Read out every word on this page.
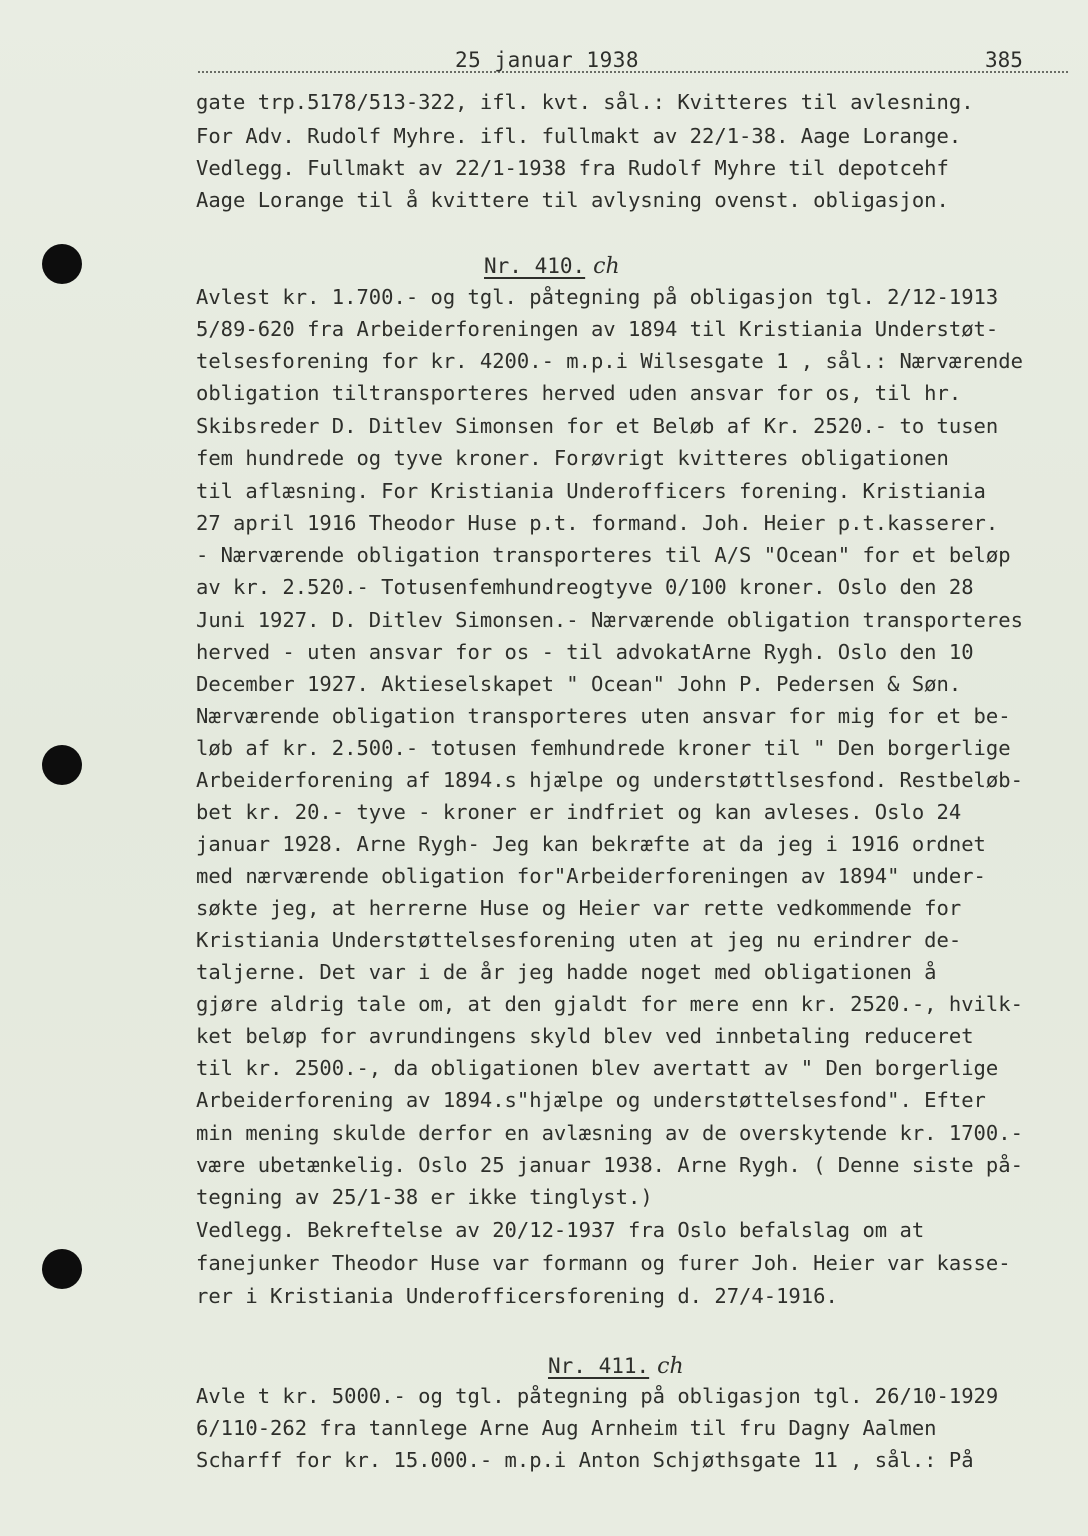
25 januar 1938	385
gate trp.5178/513-322, ifl. kvt. sål.: Kvitteres til avlesning.
For Adv. Rudolf Myhre. ifl. fullmakt av 22/1-38. Aage Lorange.
Vedlegg. Fullmakt av 22/1-1938 fra Rudolf Myhre til depotcehf
Aage Lorange til å kvittere til avlysning ovenst. obligasjon.
Nr. 410. ch
Avlest kr. 1.700.- og tgl. påtegning på obligasjon tgl. 2/12-1913
5/89-620 fra Arbeiderforeningen av 1894 til Kristiania Understøt-
telsesforening for kr. 4200.- m.p.i Wilsesgate 1 , sål.: Nærværende
obligation tiltransporteres herved uden ansvar for os, til hr.
Skibsreder D. Ditlev Simonsen for et Beløb af Kr. 2520.- to tusen
fem hundrede og tyve kroner. Forøvrigt kvitteres obligationen
til aflæsning. For Kristiania Underofficers forening. Kristiania
27 april 1916 Theodor Huse p.t. formand. Joh. Heier p.t.kasserer.
- Nærværende obligation transporteres til A/S "Ocean" for et beløp
av kr. 2.520.- Totusenfemhundreogtyve 0/100 kroner. Oslo den 28
Juni 1927. D. Ditlev Simonsen.- Nærværende obligation transporteres
herved - uten ansvar for os - til advokatArne Rygh. Oslo den 10
December 1927. Aktieselskapet " Ocean" John P. Pedersen & Søn.
Nærværende obligation transporteres uten ansvar for mig for et be-
løb af kr. 2.500.- totusen femhundrede kroner til " Den borgerlige
Arbeiderforening af 1894.s hjælpe og understøttlsesfond. Restbeløb-
bet kr. 20.- tyve - kroner er indfriet og kan avleses. Oslo 24
januar 1928. Arne Rygh- Jeg kan bekræfte at da jeg i 1916 ordnet
med nærværende obligation for"Arbeiderforeningen av 1894" under-
søkte jeg, at herrerne Huse og Heier var rette vedkommende for
Kristiania Understøttelsesforening uten at jeg nu erindrer de-
taljerne. Det var i de år jeg hadde noget med obligationen å
gjøre aldrig tale om, at den gjaldt for mere enn kr. 2520.-, hvilk-
ket beløp for avrundingens skyld blev ved innbetaling reduceret
til kr. 2500.-, da obligationen blev avertatt av " Den borgerlige
Arbeiderforening av 1894.s"hjælpe og understøttelsesfond". Efter
min mening skulde derfor en avlæsning av de overskytende kr. 1700.-
være ubetænkelig. Oslo 25 januar 1938. Arne Rygh. ( Denne siste på-
tegning av 25/1-38 er ikke tinglyst.)
Vedlegg. Bekreftelse av 20/12-1937 fra Oslo befalslag om at
fanejunker Theodor Huse var formann og furer Joh. Heier var kasse-
rer i Kristiania Underofficersforening d. 27/4-1916.
Nr. 411. ch
Avle t kr. 5000.- og tgl. påtegning på obligasjon tgl. 26/10-1929
6/110-262 fra tannlege Arne Aug Arnheim til fru Dagny Aalmen
Scharff for kr. 15.000.- m.p.i Anton Schjøthsgate 11 , sål.: På
